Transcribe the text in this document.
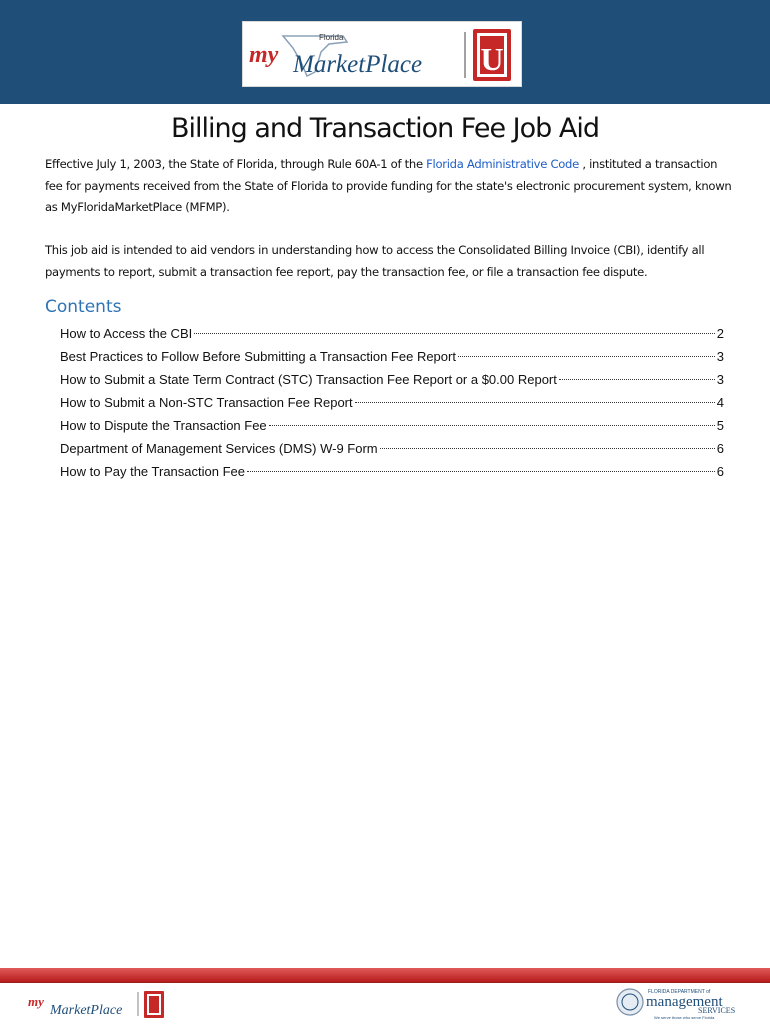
my
Florida
MarketPlace U
Billing and Transaction Fee Job Aid

Effective July 1, 2003, the State of Florida, through Rule 60A-1 of the Florida Administrative Code , instituted a transaction fee for payments received from the State of Florida to provide funding for the state's electronic procurement system, known as MyFloridaMarketPlace (MFMP).

This job aid is intended to aid vendors in understanding how to access the Consolidated Billing Invoice (CBI), identify all payments to report, submit a transaction fee report, pay the transaction fee, or file a transaction fee dispute.

Contents
How to Access the CBI	2
Best Practices to Follow Before Submitting a Transaction Fee Report	3
How to Submit a State Term Contract (STC) Transaction Fee Report or a $0.00 Report	3
How to Submit a Non-STC Transaction Fee Report	4
How to Dispute the Transaction Fee	5
Department of Management Services (DMS) W-9 Form	6
How to Pay the Transaction Fee	6
my
MarketPlace
FLORIDA DEPARTMENT of
management
SERVICES
We serve those who serve Florida
